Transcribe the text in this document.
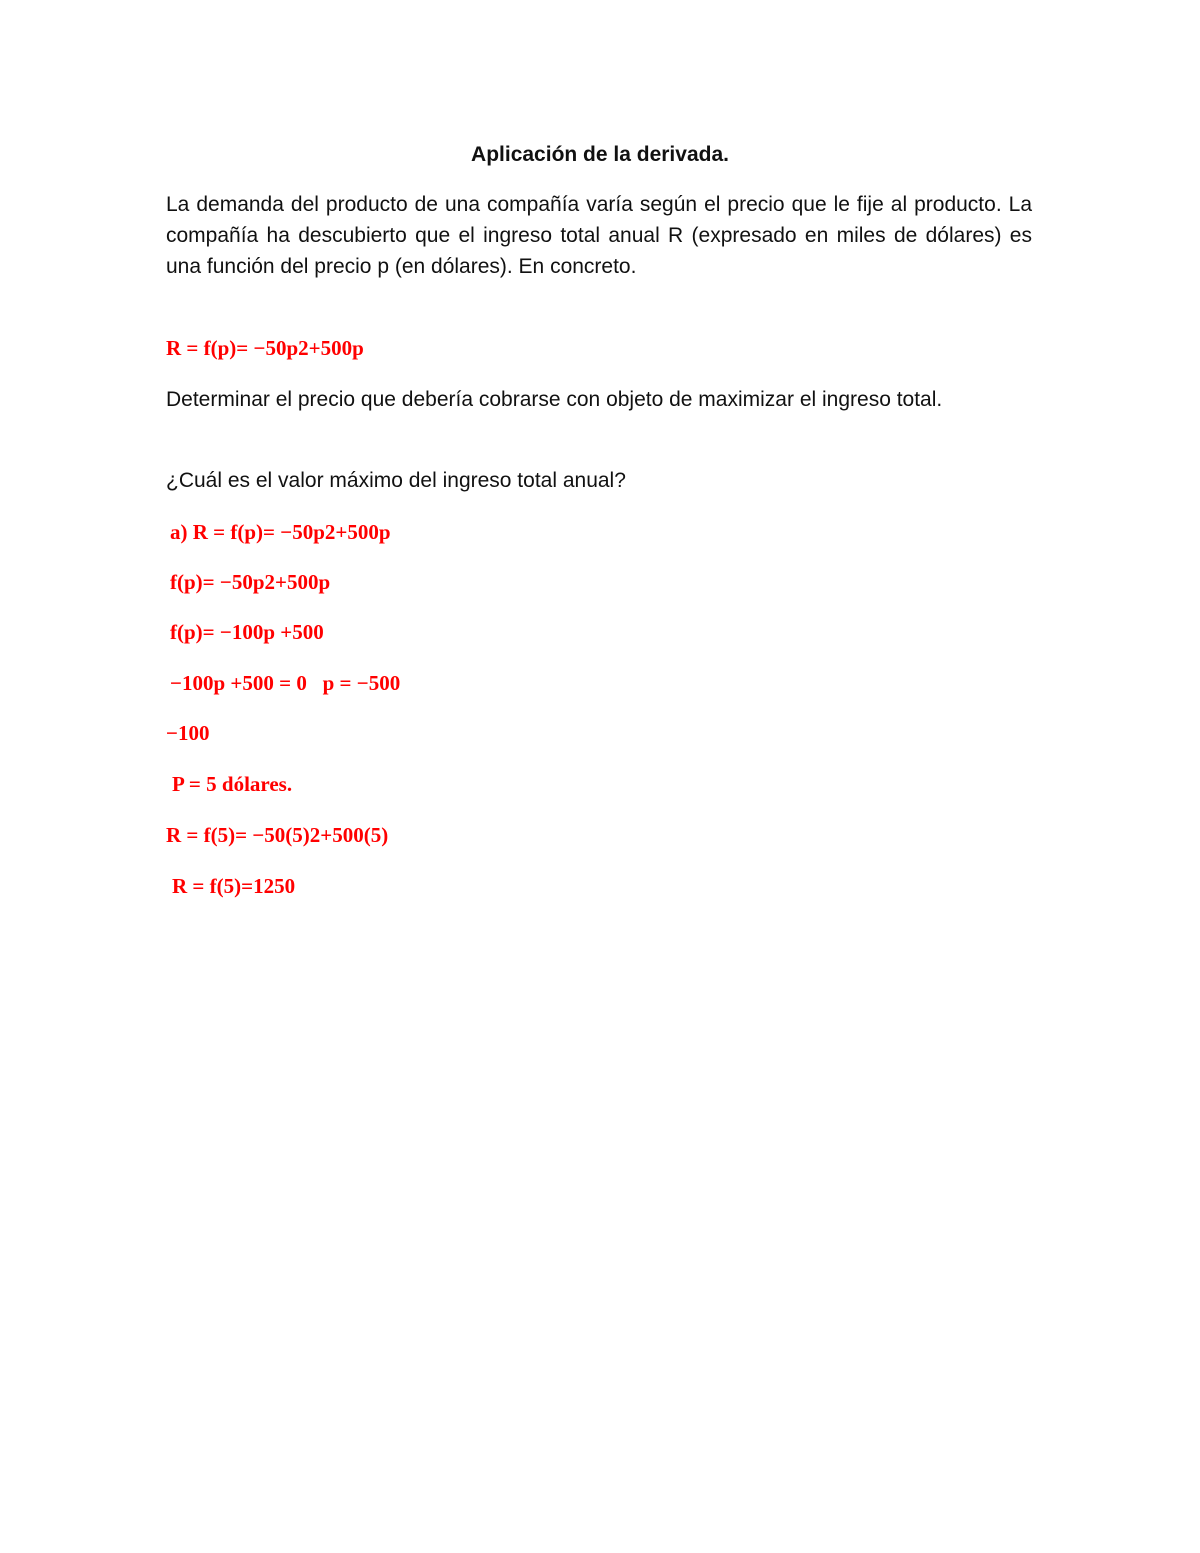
Aplicación de la derivada.

La demanda del producto de una compañía varía según el precio que le fije al producto. La compañía ha descubierto que el ingreso total anual R (expresado en miles de dólares) es una función del precio p (en dólares). En concreto.

R = f(p)= −50p2+500p

Determinar el precio que debería cobrarse con objeto de maximizar el ingreso total.

¿Cuál es el valor máximo del ingreso total anual?

a) R = f(p)= −50p2+500p

f(p)= −50p2+500p

f(p)= −100p +500

−100p +500 = 0   p = −500

−100

P = 5 dólares.

R = f(5)= −50(5)2+500(5)

R = f(5)=1250
